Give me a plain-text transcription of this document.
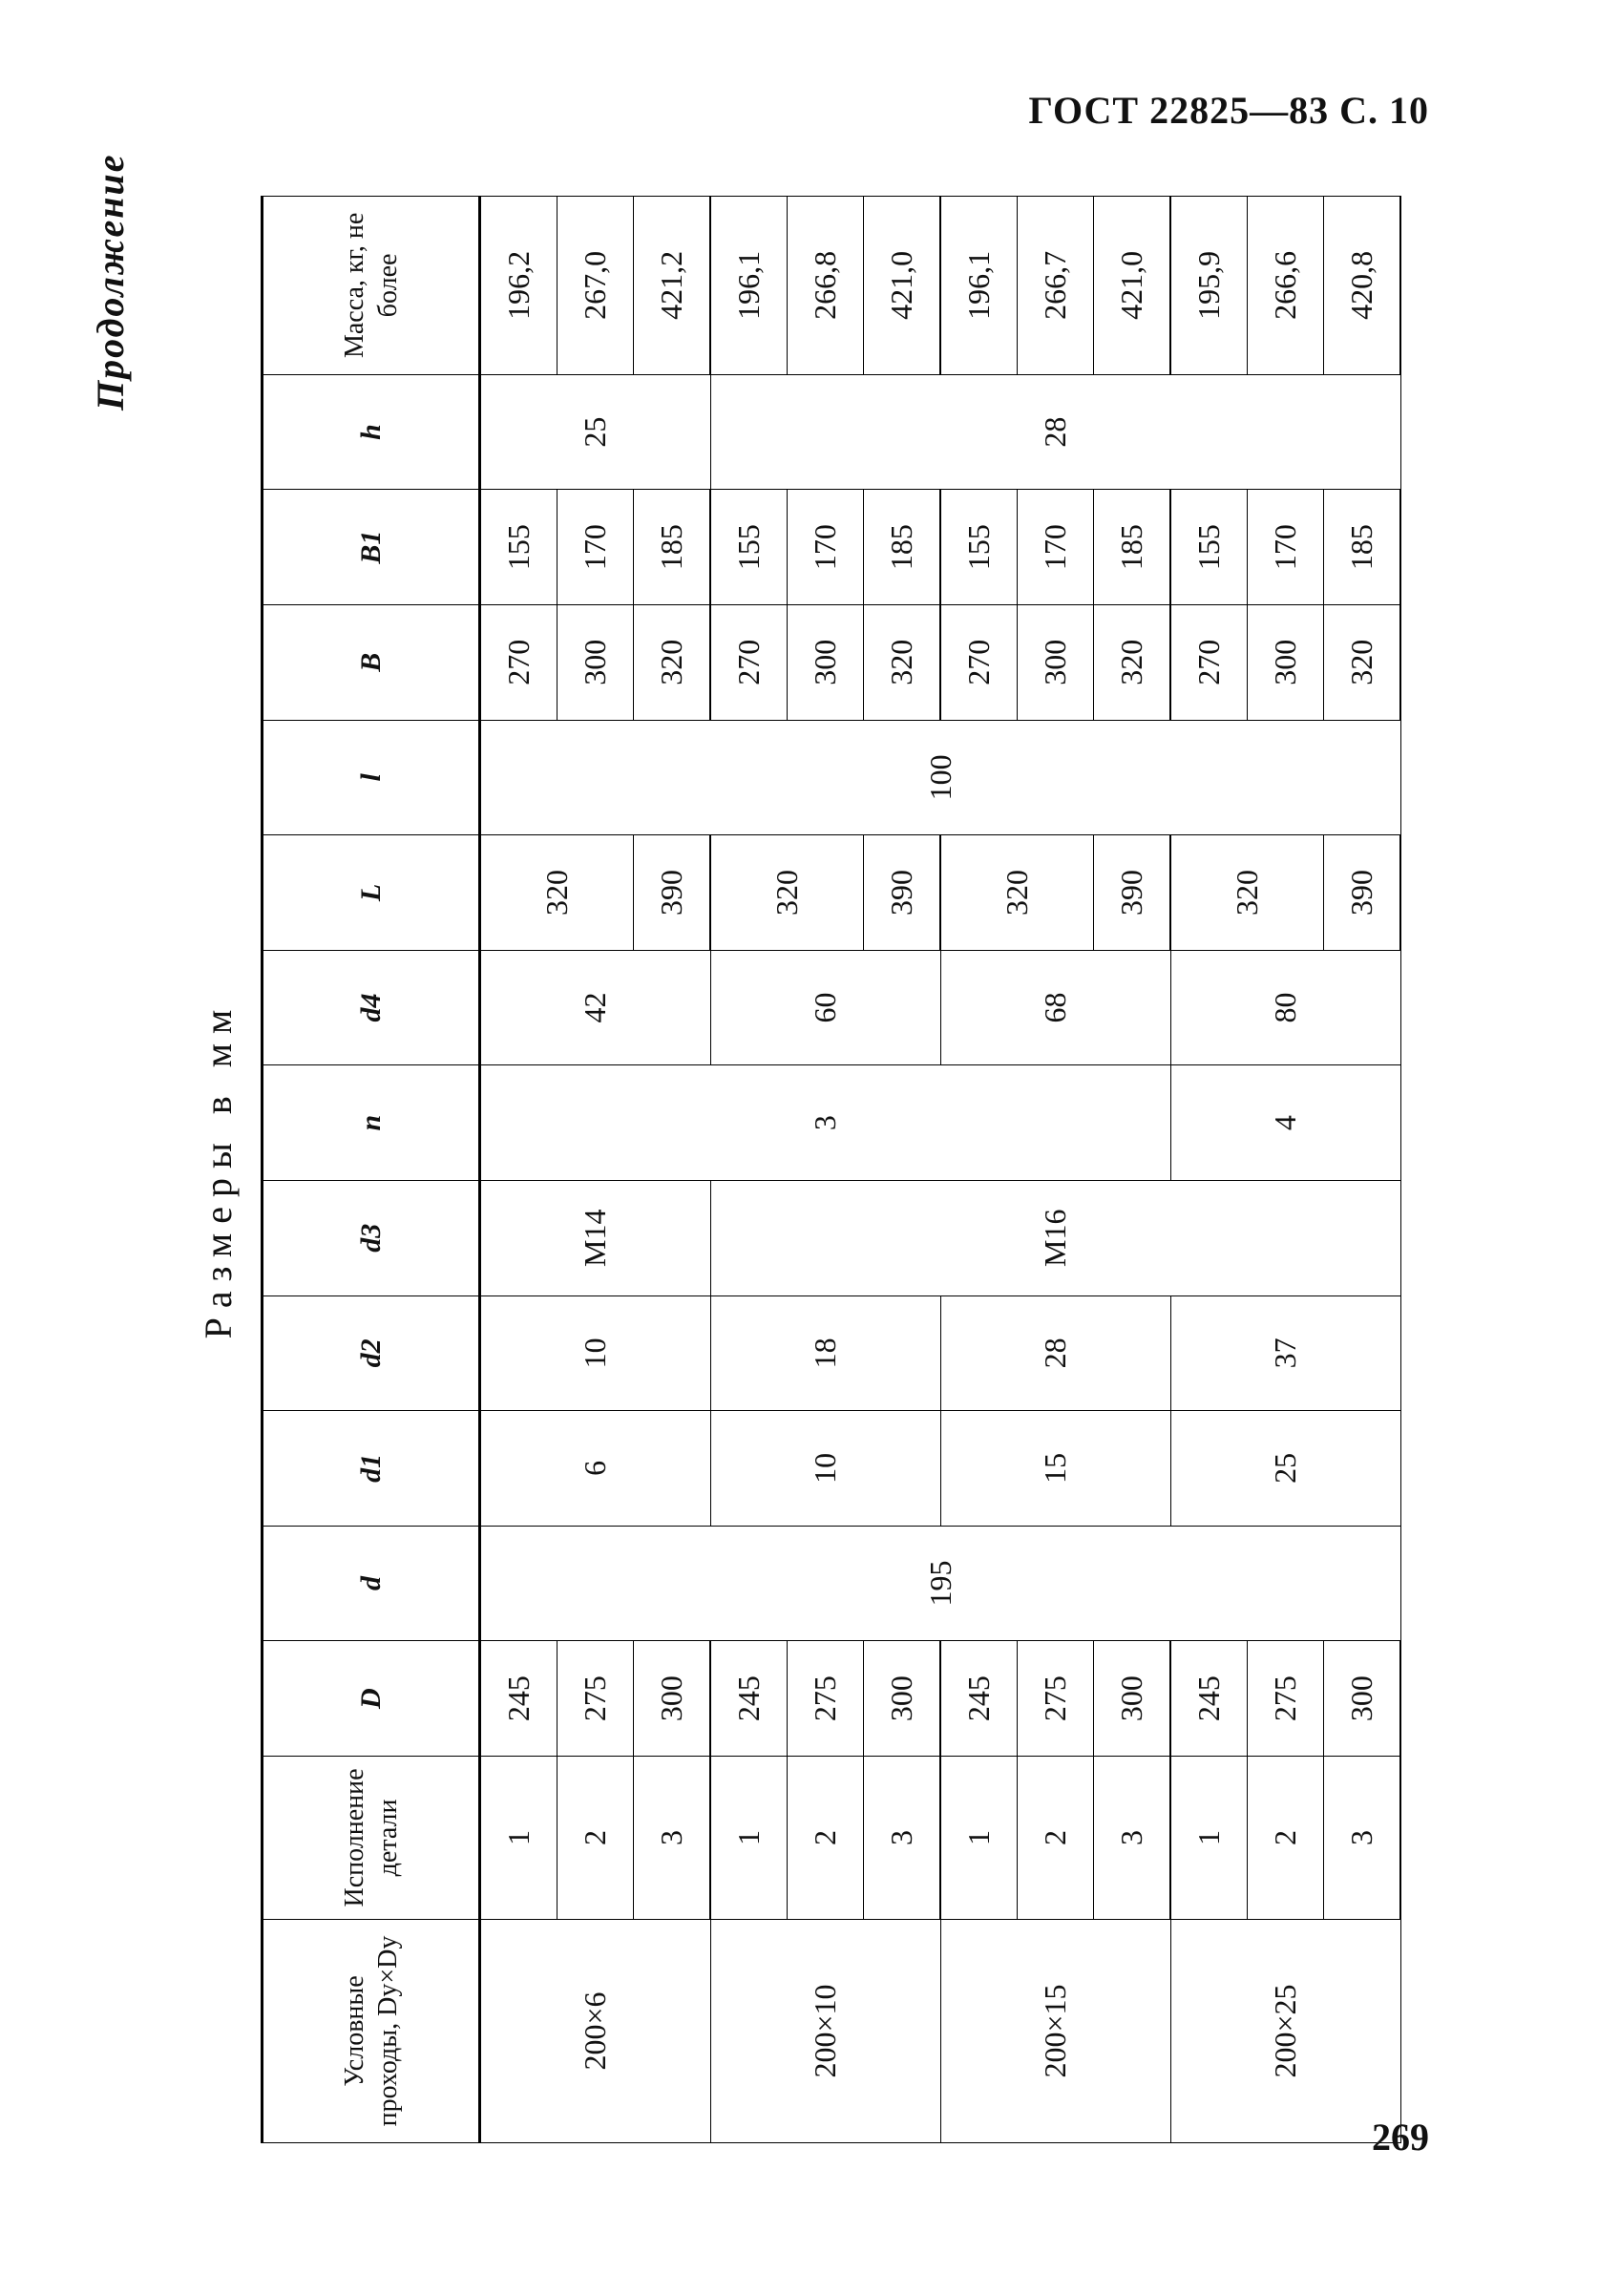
ГОСТ 22825—83 С. 10
Продолжение
Размеры в мм
Условные проходы, Dy×Dy	Исполнение детали	D	d	d1	d2	d3	n	d4	L	l	B	B1	h	Масса, кг, не более
200×6	1	245	195	6	10	M14	3	42	320	100	270	155	25	196,2
	2	275									300	170		267,0
	3	300							390		320	185		421,2
200×10	1	245		10	18	M16		60	320		270	155	28	196,1
	2	275									300	170		266,8
	3	300							390		320	185		421,0
200×15	1	245		15	28			68	320		270	155		196,1
	2	275									300	170		266,7
	3	300							390		320	185		421,0
200×25	1	245		25	37		4	80	320		270	155		195,9
	2	275									300	170		266,6
	3	300							390		320	185		420,8
269
